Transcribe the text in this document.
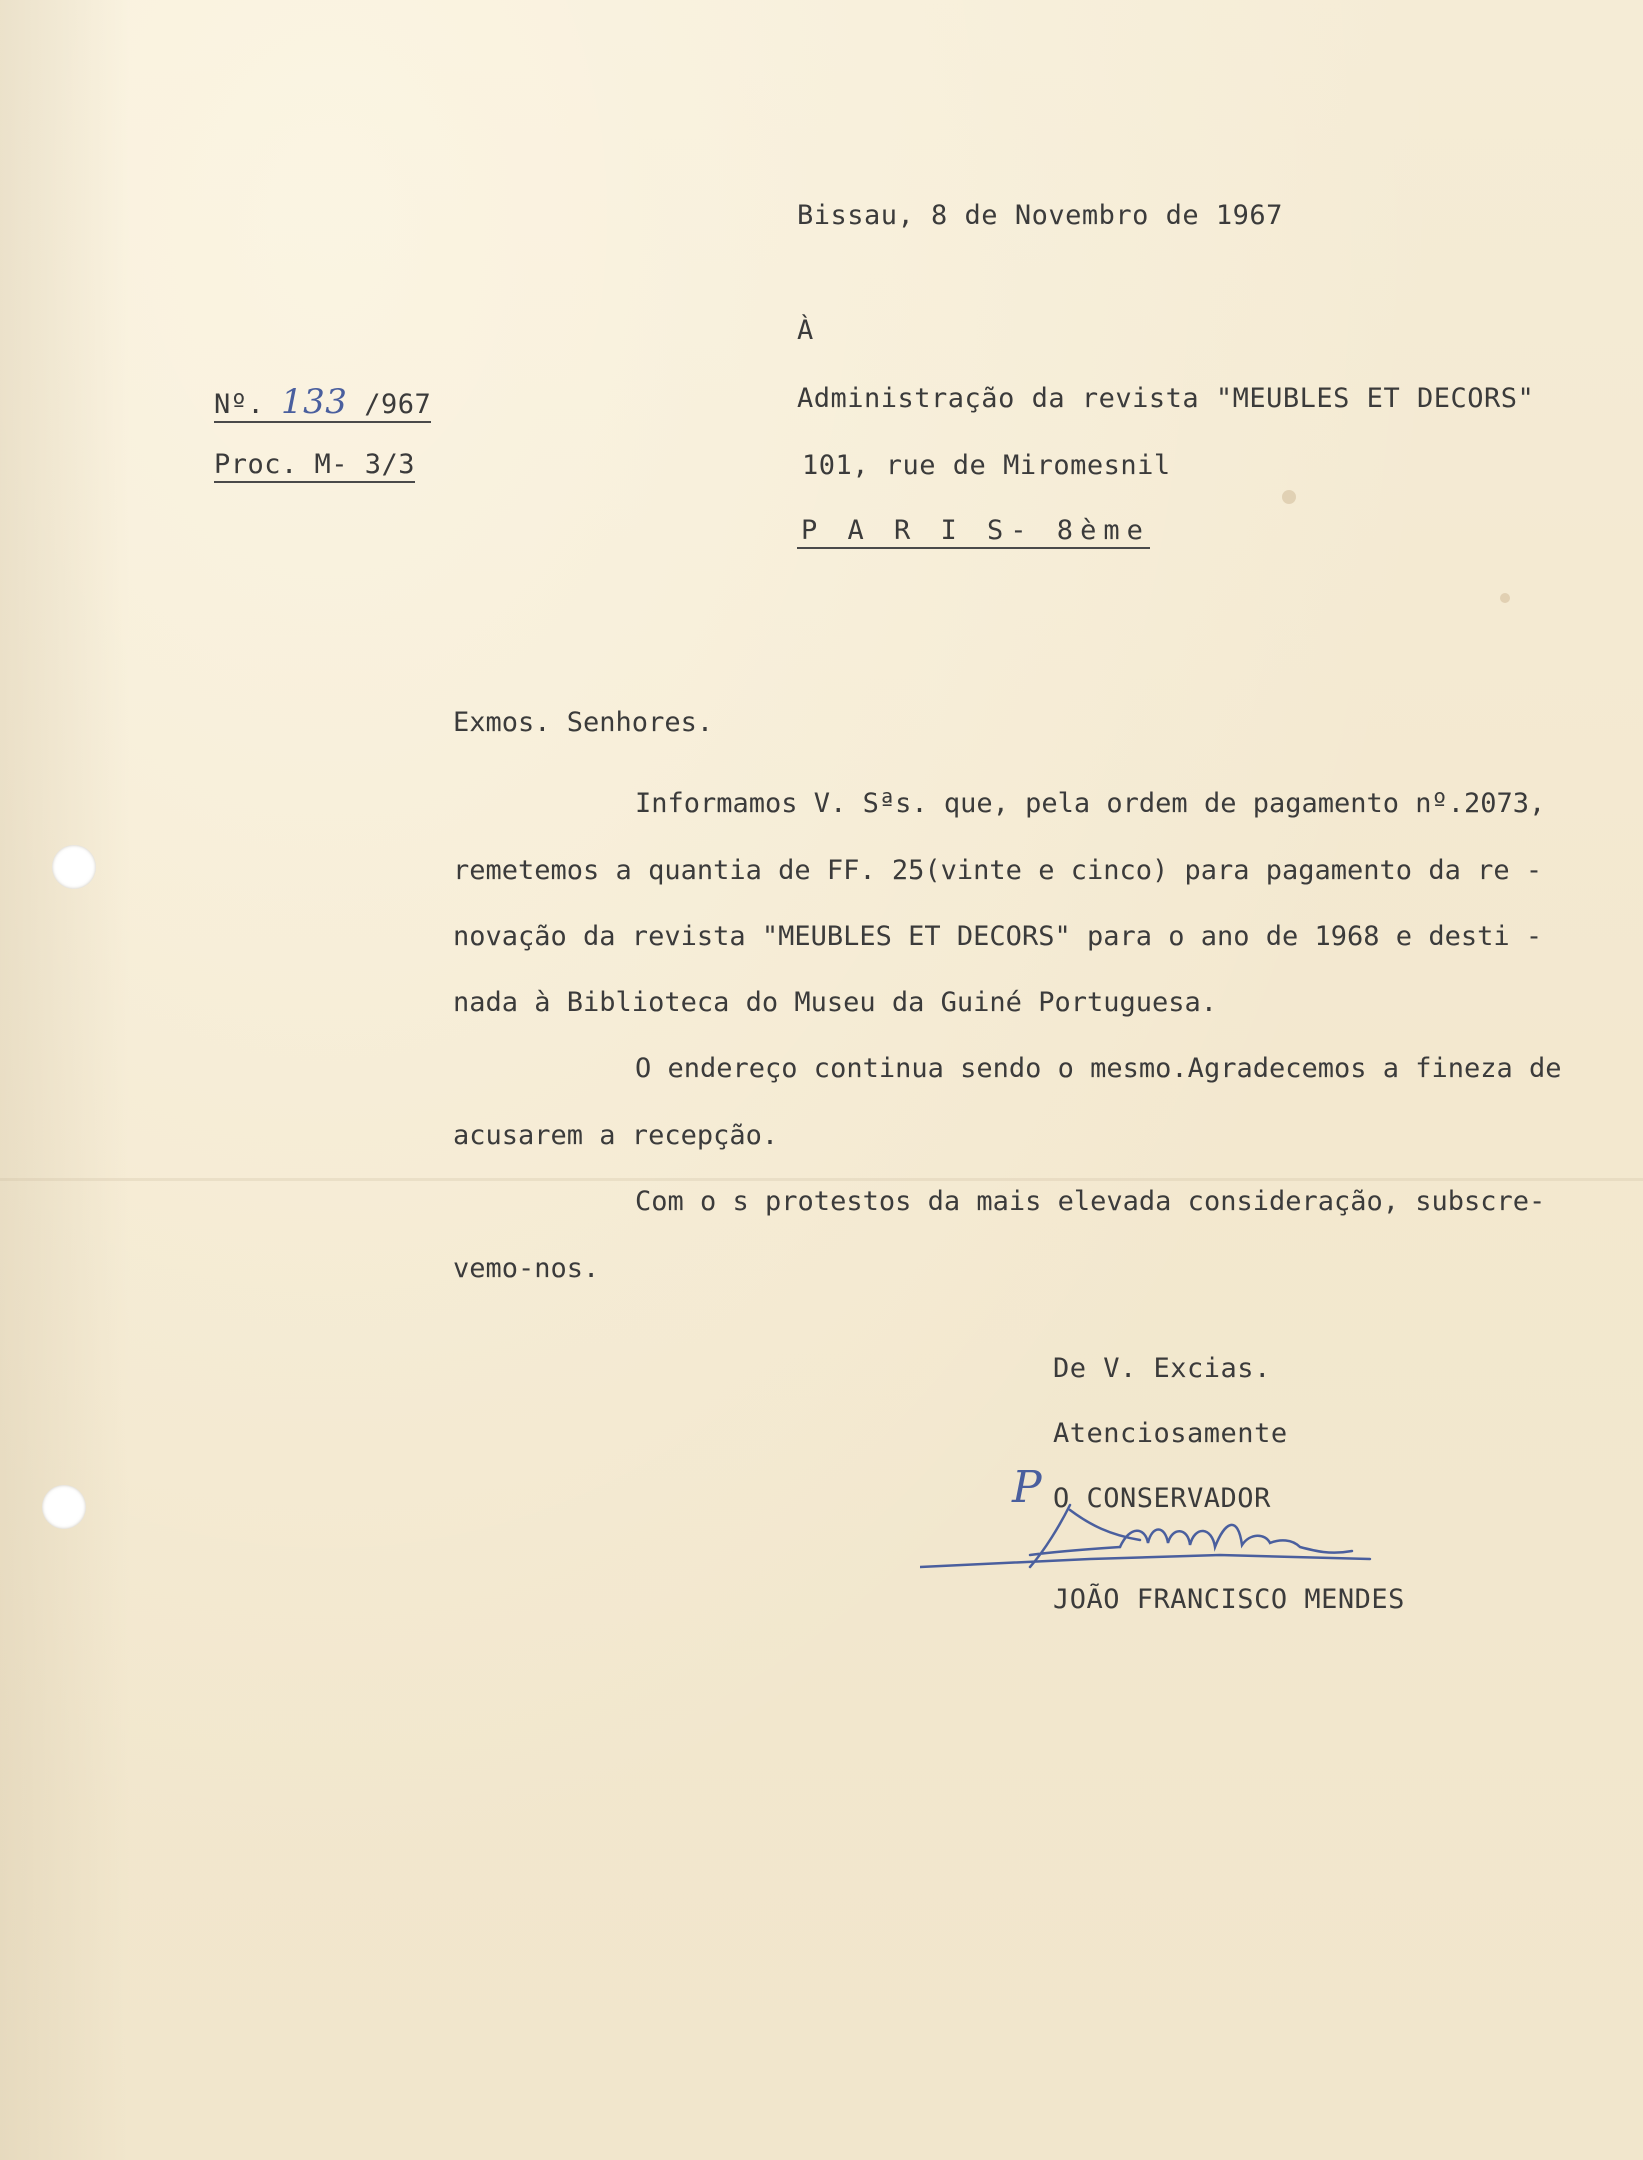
Bissau, 8 de Novembro de 1967
À
Nº. 133 /967
Proc. M- 3/3
Administração da revista "MEUBLES ET DECORS"
101, rue de Miromesnil
P A R I S- 8ème
Exmos. Senhores.
Informamos V. Sªs. que, pela ordem de pagamento nº.2073,
remetemos a quantia de FF. 25(vinte e cinco) para pagamento da re -
novação da revista "MEUBLES ET DECORS" para o ano de 1968 e desti -
nada à Biblioteca do Museu da Guiné Portuguesa.
O endereço continua sendo o mesmo.Agradecemos a fineza de
acusarem a recepção.
Com o s protestos da mais elevada consideração, subscre-
vemo-nos.
De V. Excias.
Atenciosamente
P O CONSERVADOR
JOÃO FRANCISCO MENDES
